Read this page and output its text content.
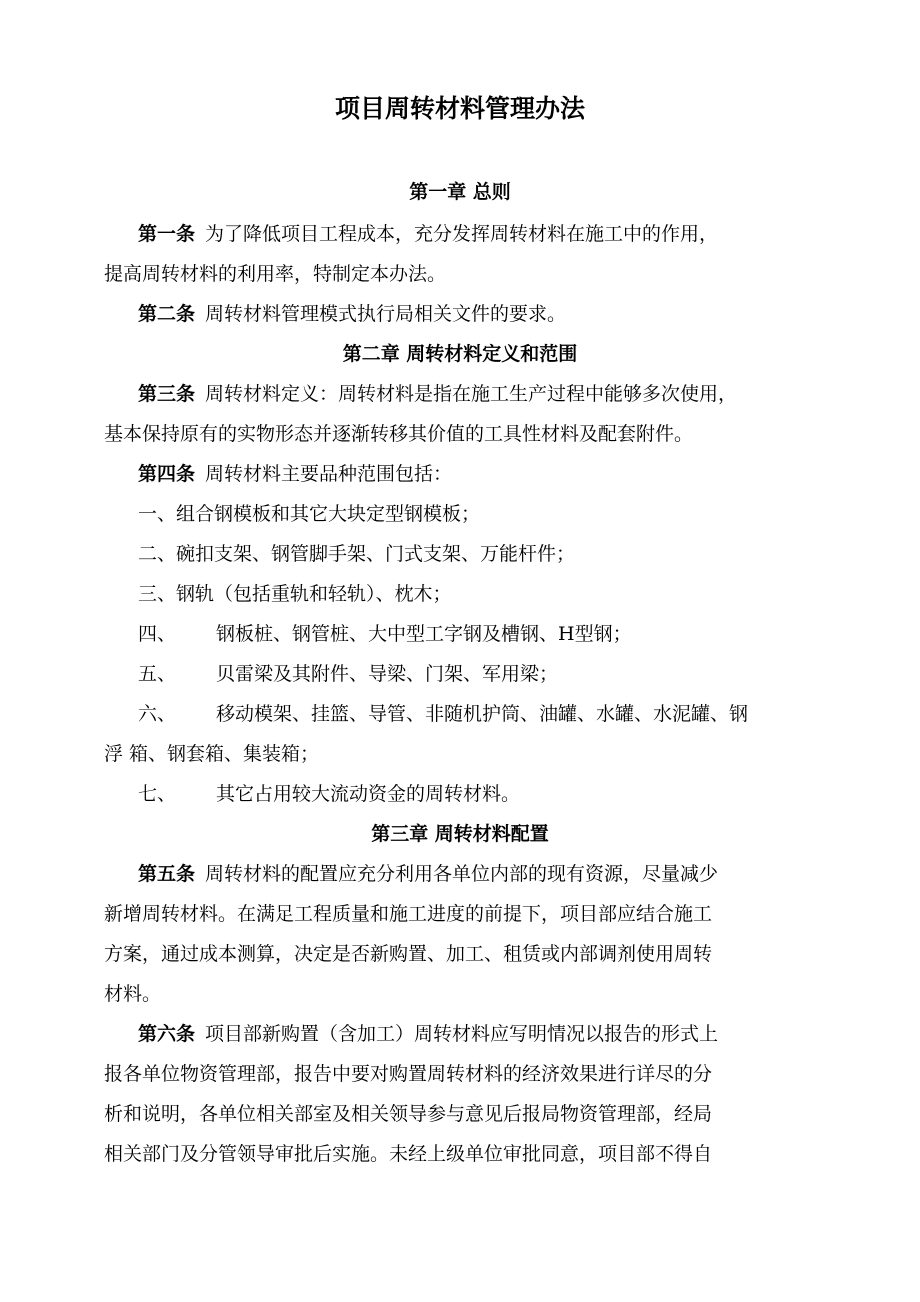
项目周转材料管理办法
第一章 总则
第一条 为了降低项目工程成本，充分发挥周转材料在施工中的作用，
提高周转材料的利用率，特制定本办法。
第二条 周转材料管理模式执行局相关文件的要求。
第二章 周转材料定义和范围
第三条 周转材料定义：周转材料是指在施工生产过程中能够多次使用，
基本保持原有的实物形态并逐渐转移其价值的工具性材料及配套附件。
第四条 周转材料主要品种范围包括：
一、组合钢模板和其它大块定型钢模板；
二、碗扣支架、钢管脚手架、门式支架、万能杆件；
三、钢轨（包括重轨和轻轨）、枕木；
四、 钢板桩、钢管桩、大中型工字钢及槽钢、H型钢；
五、 贝雷梁及其附件、导梁、门架、军用梁；
六、 移动模架、挂篮、导管、非随机护筒、油罐、水罐、水泥罐、钢
浮 箱、钢套箱、集装箱；
七、 其它占用较大流动资金的周转材料。
第三章 周转材料配置
第五条 周转材料的配置应充分利用各单位内部的现有资源，尽量减少
新增周转材料。在满足工程质量和施工进度的前提下，项目部应结合施工
方案，通过成本测算，决定是否新购置、加工、租赁或内部调剂使用周转
材料。
第六条 项目部新购置（含加工）周转材料应写明情况以报告的形式上
报各单位物资管理部，报告中要对购置周转材料的经济效果进行详尽的分
析和说明，各单位相关部室及相关领导参与意见后报局物资管理部，经局
相关部门及分管领导审批后实施。未经上级单位审批同意，项目部不得自
